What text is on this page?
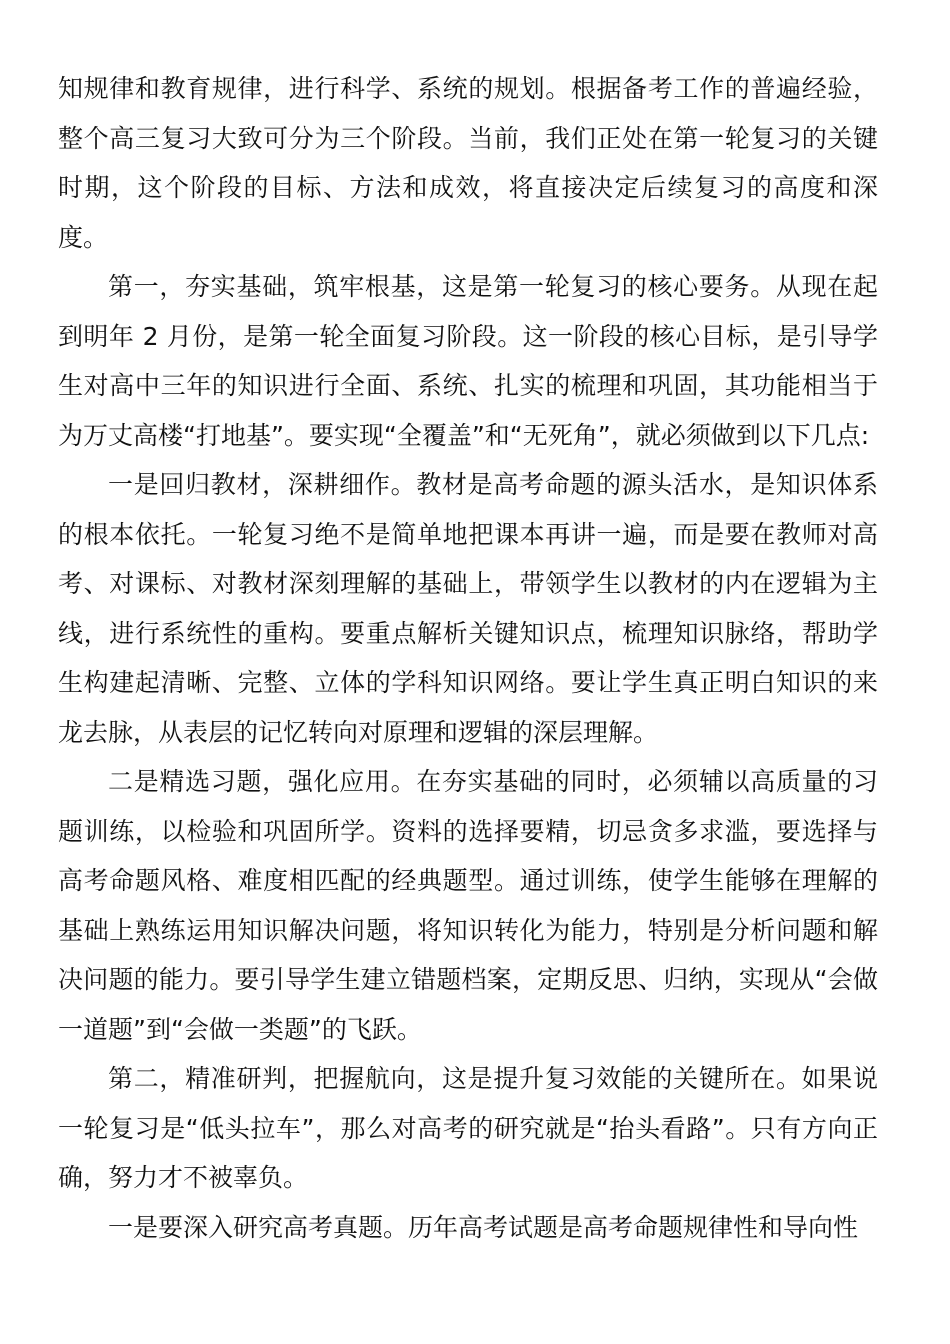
知规律和教育规律，进行科学、系统的规划。根据备考工作的普遍经验，整个高三复习大致可分为三个阶段。当前，我们正处在第一轮复习的关键时期，这个阶段的目标、方法和成效，将直接决定后续复习的高度和深度。

第一，夯实基础，筑牢根基，这是第一轮复习的核心要务。从现在起到明年 2 月份，是第一轮全面复习阶段。这一阶段的核心目标，是引导学生对高中三年的知识进行全面、系统、扎实的梳理和巩固，其功能相当于为万丈高楼“打地基”。要实现“全覆盖”和“无死角”，就必须做到以下几点:

一是回归教材，深耕细作。教材是高考命题的源头活水，是知识体系的根本依托。一轮复习绝不是简单地把课本再讲一遍，而是要在教师对高考、对课标、对教材深刻理解的基础上，带领学生以教材的内在逻辑为主线，进行系统性的重构。要重点解析关键知识点，梳理知识脉络，帮助学生构建起清晰、完整、立体的学科知识网络。要让学生真正明白知识的来龙去脉，从表层的记忆转向对原理和逻辑的深层理解。

二是精选习题，强化应用。在夯实基础的同时，必须辅以高质量的习题训练，以检验和巩固所学。资料的选择要精，切忌贪多求滥，要选择与高考命题风格、难度相匹配的经典题型。通过训练，使学生能够在理解的基础上熟练运用知识解决问题，将知识转化为能力，特别是分析问题和解决问题的能力。要引导学生建立错题档案，定期反思、归纳，实现从“会做一道题”到“会做一类题”的飞跃。

第二，精准研判，把握航向，这是提升复习效能的关键所在。如果说一轮复习是“低头拉车”，那么对高考的研究就是“抬头看路”。只有方向正确，努力才不被辜负。

一是要深入研究高考真题。历年高考试题是高考命题规律性和导向性
